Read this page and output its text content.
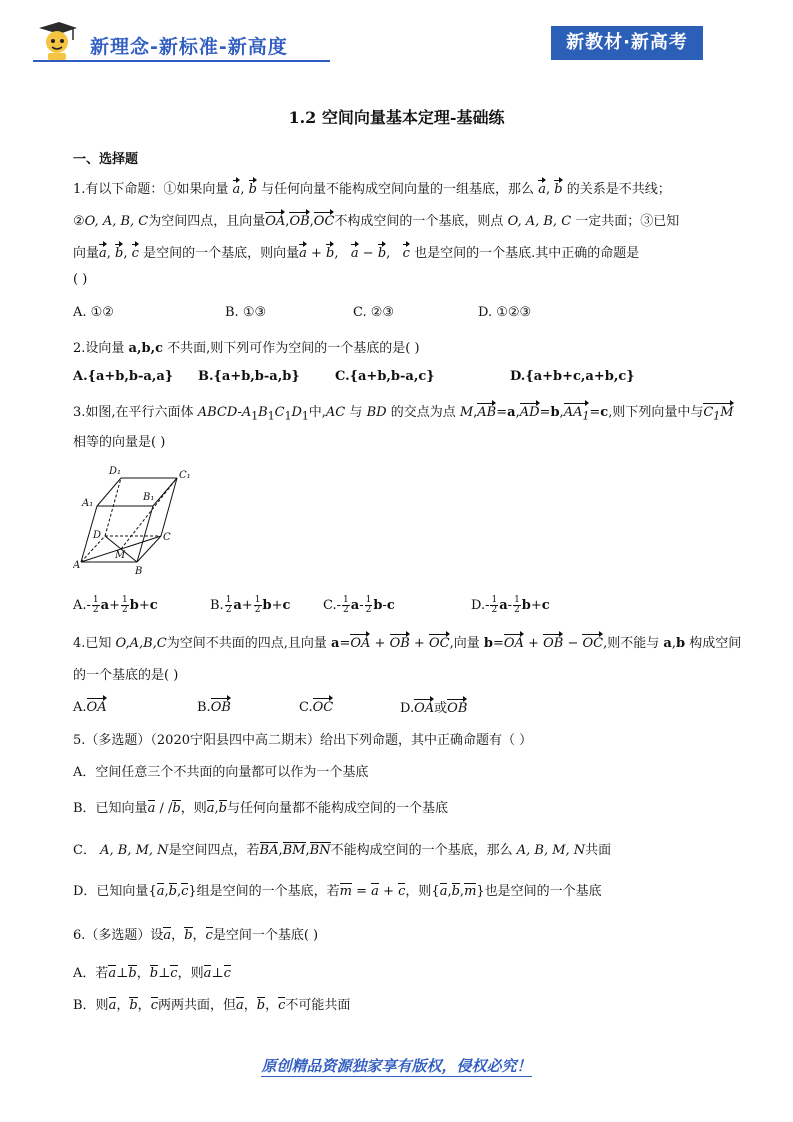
新理念-新标准-新高度	新教材·新高考
1.2 空间向量基本定理-基础练
一、选择题
1.有以下命题：①如果向量 a, b 与任何向量不能构成空间向量的一组基底，那么 a, b 的关系是不共线；
②O, A, B, C为空间四点，且向量OA,OB,OC不构成空间的一个基底，则点 O, A, B, C 一定共面；③已知
向量a, b, c 是空间的一个基底，则向量a + b,   a − b,   c 也是空间的一个基底.其中正确的命题是
( )
A. ①②	B. ①③	C. ②③	D. ①②③
2.设向量 a,b,c 不共面,则下列可作为空间的一个基底的是( )
A.{a+b,b-a,a} B.{a+b,b-a,b}	C.{a+b,b-a,c}	D.{a+b+c,a+b,c}
3.如图,在平行六面体 ABCD-$A_1B_1C_1D_1$中,AC 与 BD 的交点为点 $M,AB=a,AD=b,AA_1=c$,则下列向量中与$C_1M$
相等的向量是( )
D₁	C₁
A₁
B₁
D	C
M
A
B
$A.- \frac{1}{2} a+ \frac{1}{2} b+c$	B. $\frac{1}{2} a+ \frac{1}{2} b+c$	$C.- \frac{1}{2} a- \frac{1}{2} b-c$	$D.- \frac{1}{2} a- \frac{1}{2} b+c$
4.已知 O,A,B,C为空间不共面的四点,且向量 a=OA + OB + OC,向量 b=OA + OB − OC,则不能与 a,b 构成空间
的一个基底的是( )
A.OA	B.OB	C.OC	D.OA或OB
5.（多选题）（2020宁阳县四中高二期末）给出下列命题，其中正确命题有（ ）
A．空间任意三个不共面的向量都可以作为一个基底
B．已知向量a / /b，则a,b与任何向量都不能构成空间的一个基底
C． A, B, M, N是空间四点，若BA,BM,BN不能构成空间的一个基底，那么 A, B, M, N共面
D．已知向量{a,b,c}组是空间的一个基底，若m = a + c，则{a,b,m}也是空间的一个基底
6.（多选题）设a，b，c是空间一个基底( )
A．若a⊥b，b⊥c，则a⊥c
B．则a，b，c两两共面，但a，b，c不可能共面
原创精品资源独家享有版权，侵权必究！
